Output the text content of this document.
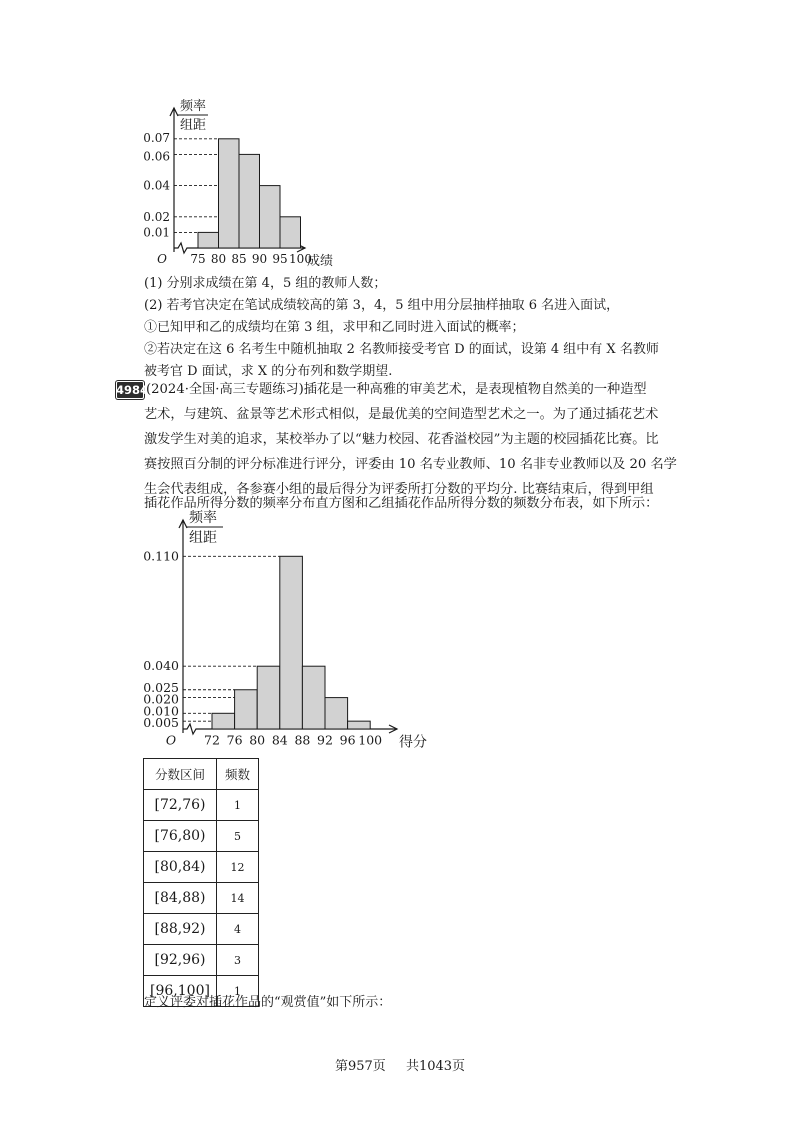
0.07
0.06
0.04
0.02
0.01
75 80 85 90 95 100
O	成绩
频率
组距
(1) 分别求成绩在第 4，5 组的教师人数；
(2) 若考官决定在笔试成绩较高的第 3，4，5 组中用分层抽样抽取 6 名进入面试，
①已知甲和乙的成绩均在第 3 组，求甲和乙同时进入面试的概率；
②若决定在这 6 名考生中随机抽取 2 名教师接受考官 D 的面试，设第 4 组中有 X 名教师
被考官 D 面试，求 X 的分布列和数学期望.
4984
(2024·全国·高三专题练习)插花是一种高雅的审美艺术，是表现植物自然美的一种造型
艺术，与建筑、盆景等艺术形式相似，是最优美的空间造型艺术之一。为了通过插花艺术
激发学生对美的追求，某校举办了以“魅力校园、花香溢校园”为主题的校园插花比赛。比
赛按照百分制的评分标准进行评分，评委由 10 名专业教师、10 名非专业教师以及 20 名学
生会代表组成，各参赛小组的最后得分为评委所打分数的平均分. 比赛结束后，得到甲组
插花作品所得分数的频率分布直方图和乙组插花作品所得分数的频数分布表，如下所示：
0.110
0.040
0.025
0.020
0.010
0.005
72 76 80 84 88 92 96 100
O	得分
频率
组距
分数区间	频数
[72,76)	1
[76,80)	5
[80,84)	12
[84,88)	14
[88,92)	4
[92,96)	3
[96,100]	1
定义评委对插花作品的“观赏值”如下所示：
第957页 共1043页
